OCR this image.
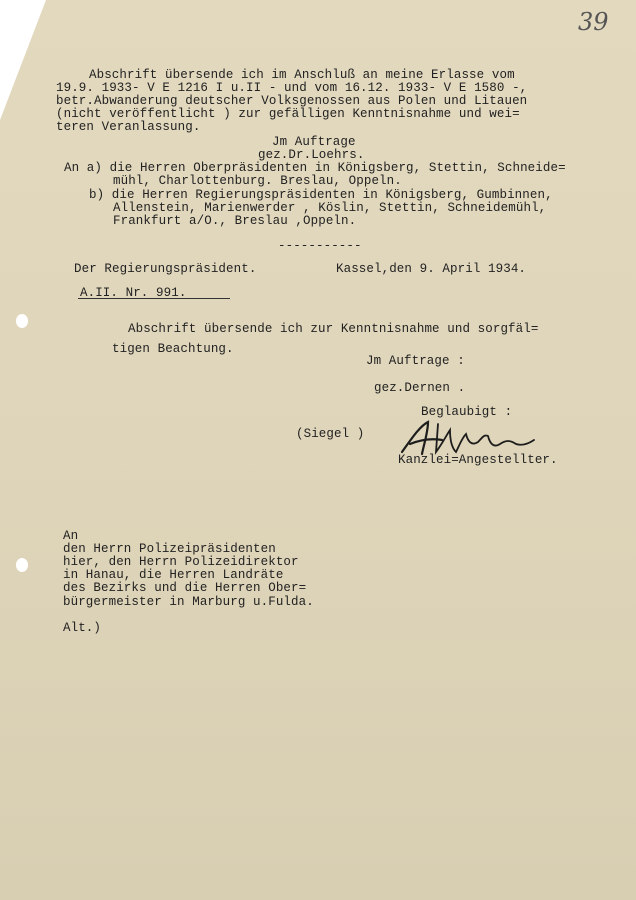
39
Abschrift übersende ich im Anschluß an meine Erlasse vom
19.9. 1933- V E 1216 I u.II - und vom 16.12. 1933- V E 1580 -,
betr.Abwanderung deutscher Volksgenossen aus Polen und Litauen
(nicht veröffentlicht ) zur gefälligen Kenntnisnahme und wei=
teren Veranlassung.
Jm Auftrage
gez.Dr.Loehrs.
An a) die Herren Oberpräsidenten in Königsberg, Stettin, Schneide=
mühl, Charlottenburg. Breslau, Oppeln.
b) die Herren Regierungspräsidenten in Königsberg, Gumbinnen,
Allenstein, Marienwerder , Köslin, Stettin, Schneidemühl,
Frankfurt a/O., Breslau ,Oppeln.
-----------
Der Regierungspräsident.	Kassel,den 9. April 1934.
A.II. Nr. 991.
Abschrift übersende ich zur Kenntnisnahme und sorgfäl=
tigen Beachtung.
Jm Auftrage :
gez.Dernen .
Beglaubigt :
(Siegel )
Kanzlei=Angestellter.
An
den Herrn Polizeipräsidenten
hier, den Herrn Polizeidirektor
in Hanau, die Herren Landräte
des Bezirks und die Herren Ober=
bürgermeister in Marburg u.Fulda.
Alt.)
